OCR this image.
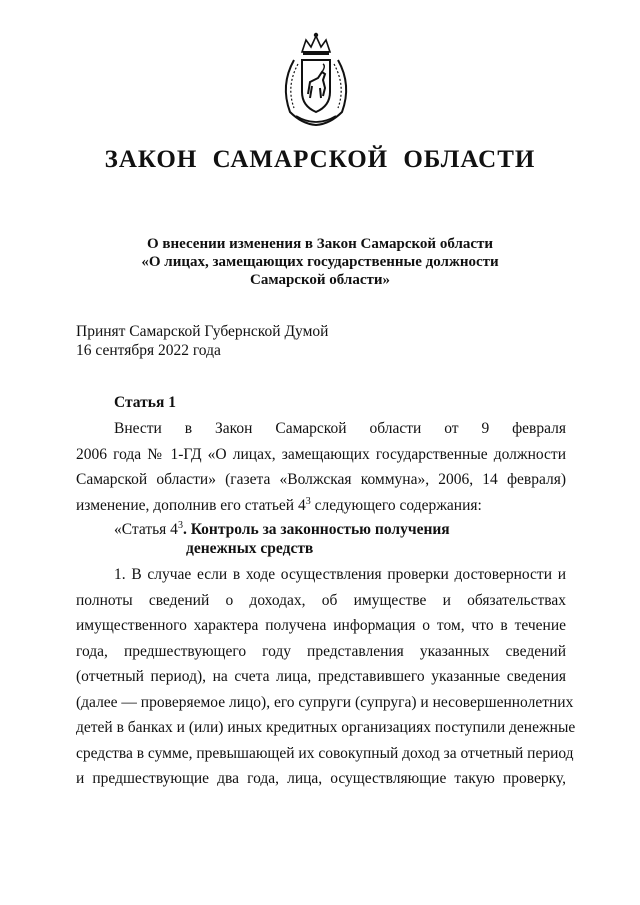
ЗАКОН САМАРСКОЙ ОБЛАСТИ
О внесении изменения в Закон Самарской области
«О лицах, замещающих государственные должности
Самарской области»
Принят Самарской Губернской Думой
16 сентября 2022 года
Статья 1
Внести в Закон Самарской области от 9 февраля
2006 года № 1-ГД «О лицах, замещающих государственные должности
Самарской области» (газета «Волжская коммуна», 2006, 14 февраля)
изменение, дополнив его статьей $4^3$ следующего содержания:
«Статья $4^3$. Контроль за законностью получения
денежных средств
1. В случае если в ходе осуществления проверки достоверности и
полноты сведений о доходах, об имуществе и обязательствах
имущественного характера получена информация о том, что в течение
года, предшествующего году представления указанных сведений
(отчетный период), на счета лица, представившего указанные сведения
(далее — проверяемое лицо), его супруги (супруга) и несовершеннолетних
детей в банках и (или) иных кредитных организациях поступили денежные
средства в сумме, превышающей их совокупный доход за отчетный период
и предшествующие два года, лица, осуществляющие такую проверку,
